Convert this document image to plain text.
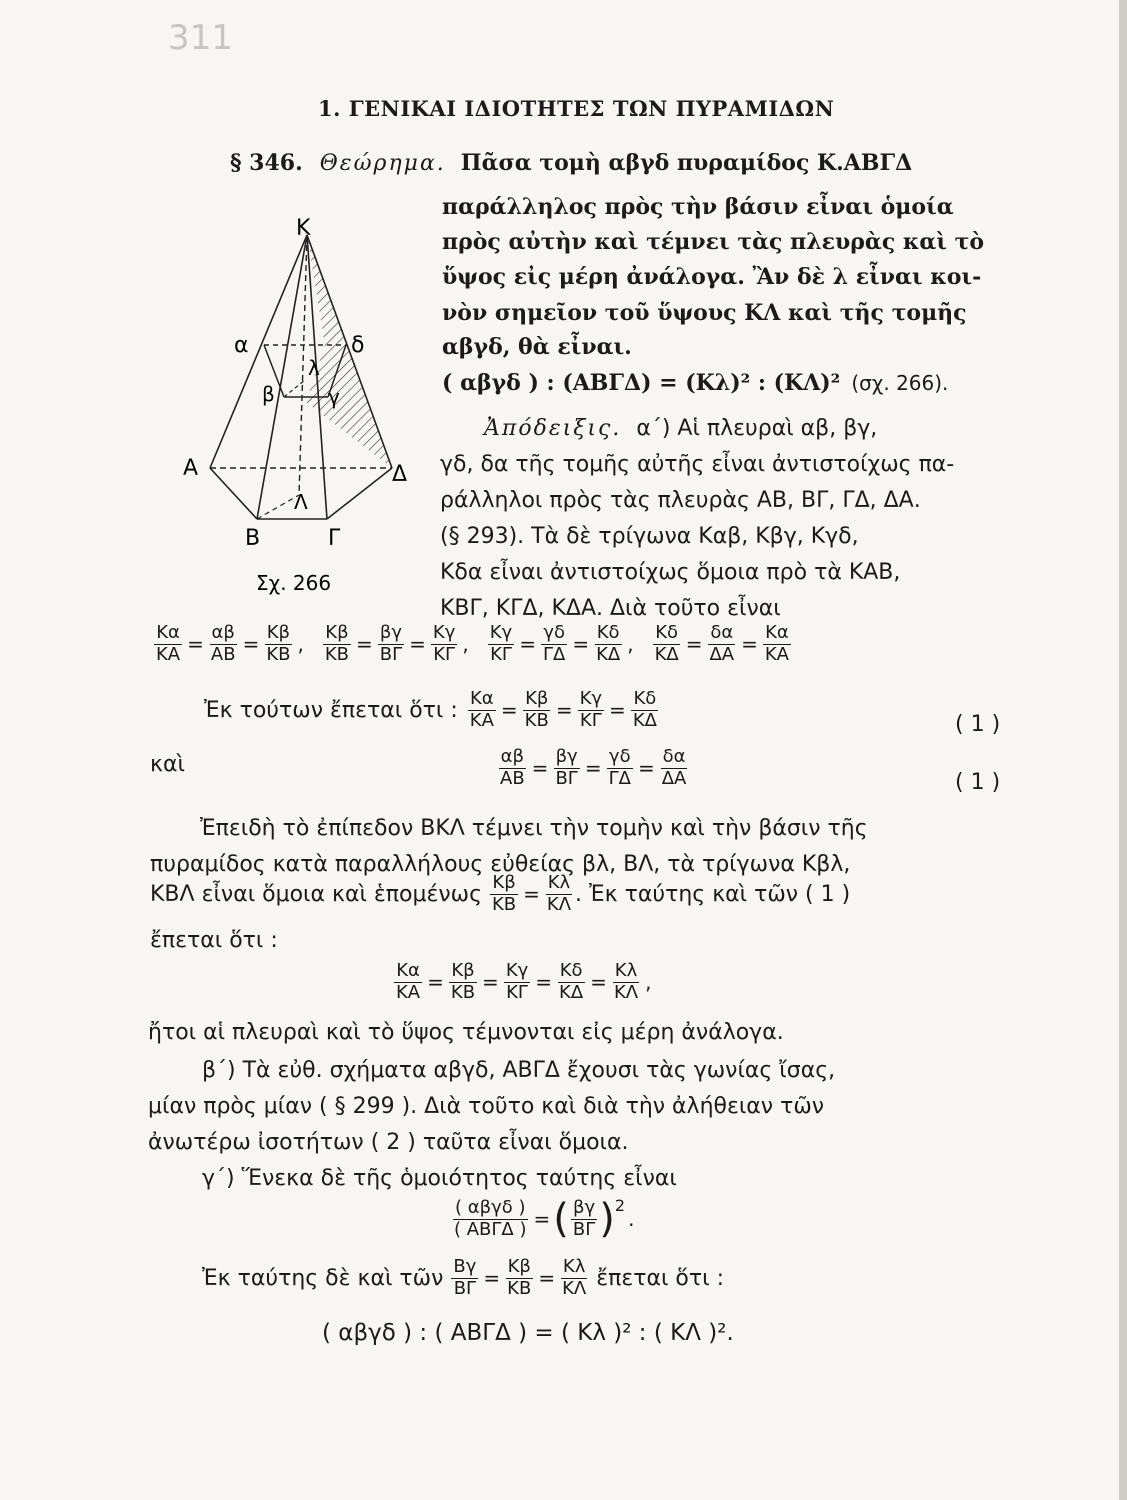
311
1. ΓΕΝΙΚΑΙ ΙΔΙΟΤΗΤΕΣ ΤΩΝ ΠΥΡΑΜΙΔΩΝ
§ 346. Θεώρημα. Πᾶσα τομὴ αβγδ πυραμίδος Κ.ΑΒΓΔ
παράλληλος πρὸς τὴν βάσιν εἶναι ὁμοία
πρὸς αὐτὴν καὶ τέμνει τὰς πλευρὰς καὶ τὸ
ὕψος εἰς μέρη ἀνάλογα. Ἂν δὲ λ εἶναι κοι-
νὸν σημεῖον τοῦ ὕψους ΚΛ καὶ τῆς τομῆς
αβγδ, θὰ εἶναι.
( αβγδ ) : (ΑΒΓΔ) = (Κλ)² : (ΚΛ)² (σχ. 266).
Κ
α	δ
λ
β	γ
Α	Δ
Λ
Β	Γ
Σχ. 266
Ἀπόδειξις. α΄) Αἱ πλευραὶ αβ, βγ,
γδ, δα τῆς τομῆς αὐτῆς εἶναι ἀντιστοίχως πα-
ράλληλοι πρὸς τὰς πλευρὰς ΑΒ, ΒΓ, ΓΔ, ΔΑ.
(§ 293). Τὰ δὲ τρίγωνα Καβ, Κβγ, Κγδ,
Κδα εἶναι ἀντιστοίχως ὅμοια πρὸ τὰ ΚΑΒ,
ΚΒΓ, ΚΓΔ, ΚΔΑ. Διὰ τοῦτο εἶναι
$\frac{K\alpha}{KA} = \frac{\alpha\beta}{AB} = \frac{K\beta}{KB}$ , $\frac{K\beta}{KB} = \frac{\beta\gamma}{B\Gamma} = \frac{K\gamma}{K\Gamma}$ , $\frac{K\gamma}{K\Gamma} = \frac{\gamma\delta}{\Gamma\Delta} = \frac{K\delta}{K\Delta}$ , $\frac{K\delta}{K\Delta} = \frac{\delta\alpha}{\Delta A} = \frac{K\alpha}{KA}$
Ἐκ τούτων ἔπεται ὅτι : $\frac{K\alpha}{KA} = \frac{K\beta}{KB} = \frac{K\gamma}{K\Gamma} = \frac{K\delta}{K\Delta}$	( 1 )
καὶ	$\frac{\alpha\beta}{AB} = \frac{\beta\gamma}{B\Gamma} = \frac{\gamma\delta}{\Gamma\Delta} = \frac{\delta\alpha}{\Delta A}$	( 1 )
Ἐπειδὴ τὸ ἐπίπεδον ΒΚΛ τέμνει τὴν τομὴν καὶ τὴν βάσιν τῆς
πυραμίδος κατὰ παραλλήλους εὐθείας βλ, ΒΛ, τὰ τρίγωνα Κβλ,
ΚΒΛ εἶναι ὅμοια καὶ ἑπομένως $\frac{K\beta}{KB} = \frac{K\lambda}{K\Lambda}$ . Ἐκ ταύτης καὶ τῶν ( 1 )
ἔπεται ὅτι :
$\frac{K\alpha}{KA} = \frac{K\beta}{KB} = \frac{K\gamma}{K\Gamma} = \frac{K\delta}{K\Delta} = \frac{K\lambda}{K\Lambda}$ ,
ἤτοι αἱ πλευραὶ καὶ τὸ ὕψος τέμνονται εἰς μέρη ἀνάλογα.
β΄) Τὰ εὐθ. σχήματα αβγδ, ΑΒΓΔ ἔχουσι τὰς γωνίας ἴσας,
μίαν πρὸς μίαν ( § 299 ). Διὰ τοῦτο καὶ διὰ τὴν ἀλήθειαν τῶν
ἀνωτέρω ἰσοτήτων ( 2 ) ταῦτα εἶναι ὅμοια.
γ΄) Ἕνεκα δὲ τῆς ὁμοιότητος ταύτης εἶναι
$\frac{\text{( αβγδ )}}{\text{( ΑΒΓΔ )}}$ = ( $\frac{\beta\gamma}{B\Gamma}$ ) 2
.
Ἐκ ταύτης δὲ καὶ τῶν $\frac{B\gamma}{B\Gamma} = \frac{K\beta}{KB} = \frac{K\lambda}{K\Lambda}$ ἔπεται ὅτι :
( αβγδ ) : ( ΑΒΓΔ ) = ( Κλ )² : ( ΚΛ )².
